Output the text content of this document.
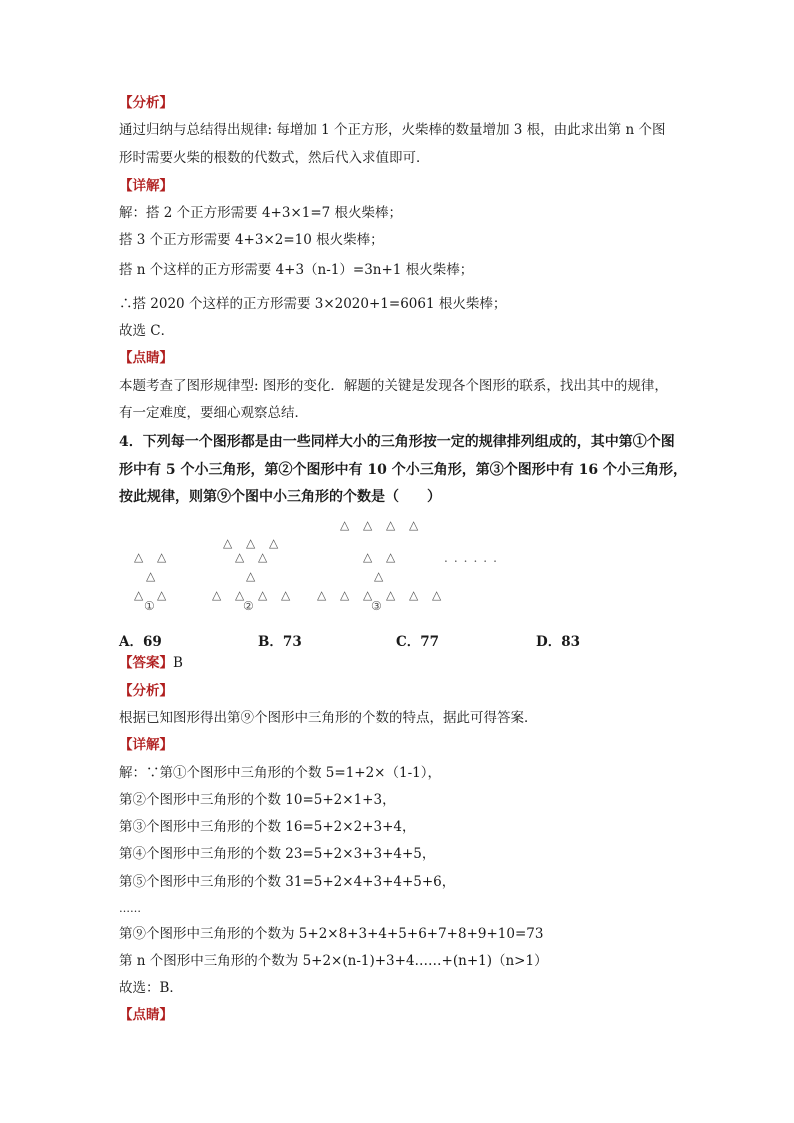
【分析】
通过归纳与总结得出规律: 每增加 1 个正方形，火柴棒的数量增加 3 根，由此求出第 n 个图
形时需要火柴的根数的代数式，然后代入求值即可．
【详解】
解：搭 2 个正方形需要 4+3×1=7 根火柴棒；
搭 3 个正方形需要 4+3×2=10 根火柴棒；
搭 n 个这样的正方形需要 4+3（n-1）=3n+1 根火柴棒；
∴搭 2020 个这样的正方形需要 3×2020+1=6061 根火柴棒；
故选 C．
【点睛】
本题考查了图形规律型: 图形的变化．解题的关键是发现各个图形的联系，找出其中的规律，
有一定难度，要细心观察总结．
4．下列每一个图形都是由一些同样大小的三角形按一定的规律排列组成的，其中第①个图
形中有 5 个小三角形，第②个图形中有 10 个小三角形，第③个图形中有 16 个小三角形，
按此规律，则第⑨个图中小三角形的个数是（　　）
△ △
△
△ △
△ △ △
△ △
△
△ △ △ △
△ △ △ △
△ △
△
△ △ △ △ △ △
①	②	③
......
A．69	B．73	C．77	D．83
【答案】B
【分析】
根据已知图形得出第⑨个图形中三角形的个数的特点，据此可得答案．
【详解】
解：∵第①个图形中三角形的个数 5=1+2×（1-1），
第②个图形中三角形的个数 10=5+2×1+3，
第③个图形中三角形的个数 16=5+2×2+3+4，
第④个图形中三角形的个数 23=5+2×3+3+4+5，
第⑤个图形中三角形的个数 31=5+2×4+3+4+5+6，
……
第⑨个图形中三角形的个数为 5+2×8+3+4+5+6+7+8+9+10=73
第 n 个图形中三角形的个数为 5+2×(n-1)+3+4……+(n+1)（n>1）
故选：B．
【点睛】
